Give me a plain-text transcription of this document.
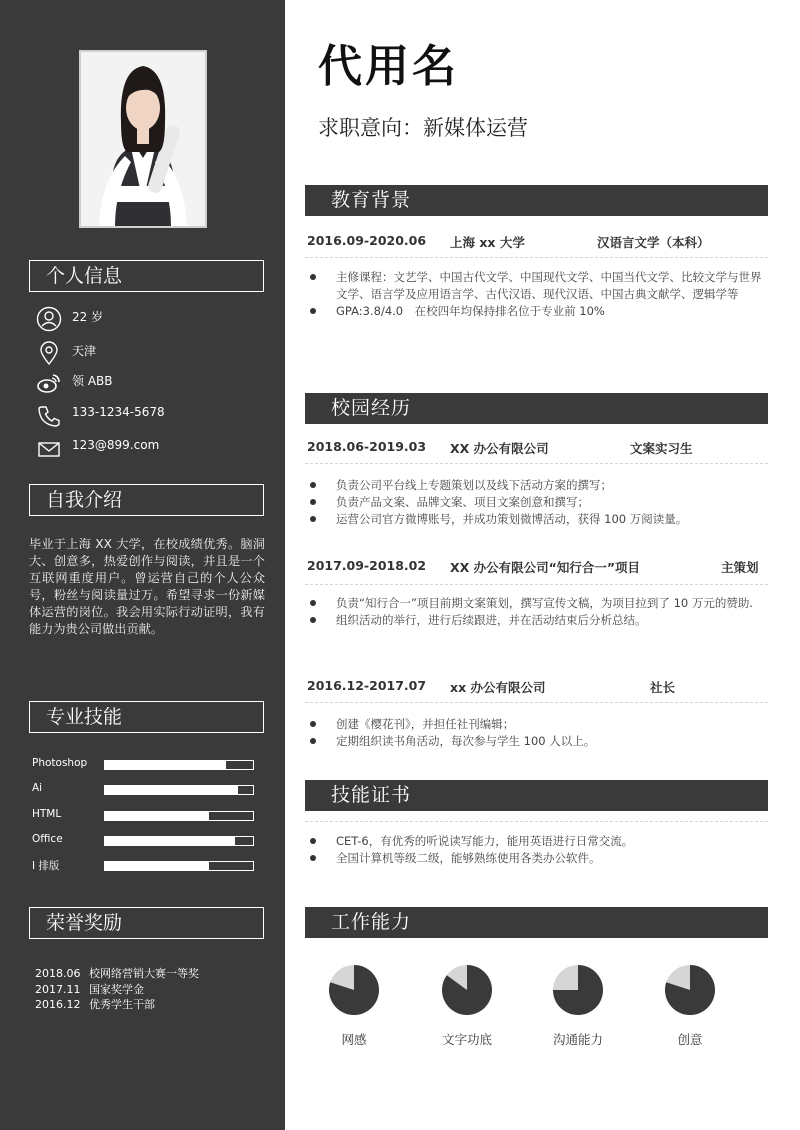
个人信息
22 岁
天津
领 ABB
133-1234-5678
123@899.com
自我介绍
毕业于上海 XX 大学，在校成绩优秀。脑洞大、创意多，热爱创作与阅读，并且是一个互联网重度用户。曾运营自己的个人公众号，粉丝与阅读量过万。希望寻求一份新媒体运营的岗位。我会用实际行动证明，我有能力为贵公司做出贡献。
专业技能
Photoshop
Ai
HTML
Office
I 排版
荣誉奖励
2018.06 校网络营销大赛一等奖
2017.11 国家奖学金
2016.12 优秀学生干部
代用名
求职意向：新媒体运营
教育背景
2016.09-2020.06 上海 xx 大学	汉语言文学（本科）
主修课程：文艺学、中国古代文学、中国现代文学、中国当代文学、比较文学与世界文学、语言学及应用语言学、古代汉语、现代汉语、中国古典文献学、逻辑学等
GPA:3.8/4.0　在校四年均保持排名位于专业前 10%
校园经历
2018.06-2019.03 XX 办公有限公司	文案实习生
负责公司平台线上专题策划以及线下活动方案的撰写；
负责产品文案、品牌文案、项目文案创意和撰写；
运营公司官方微博账号，并成功策划微博活动，获得 100 万阅读量。
2017.09-2018.02 XX 办公有限公司“知行合一”项目	主策划
负责“知行合一”项目前期文案策划，撰写宣传文稿，为项目拉到了 10 万元的赞助.
组织活动的举行，进行后续跟进，并在活动结束后分析总结。
2016.12-2017.07 xx 办公有限公司	社长
创建《樱花刊》，并担任社刊编辑；
定期组织读书角活动，每次参与学生 100 人以上。
技能证书
CET-6，有优秀的听说读写能力，能用英语进行日常交流。
全国计算机等级二级，能够熟练使用各类办公软件。
工作能力
网感	文字功底	沟通能力	创意
